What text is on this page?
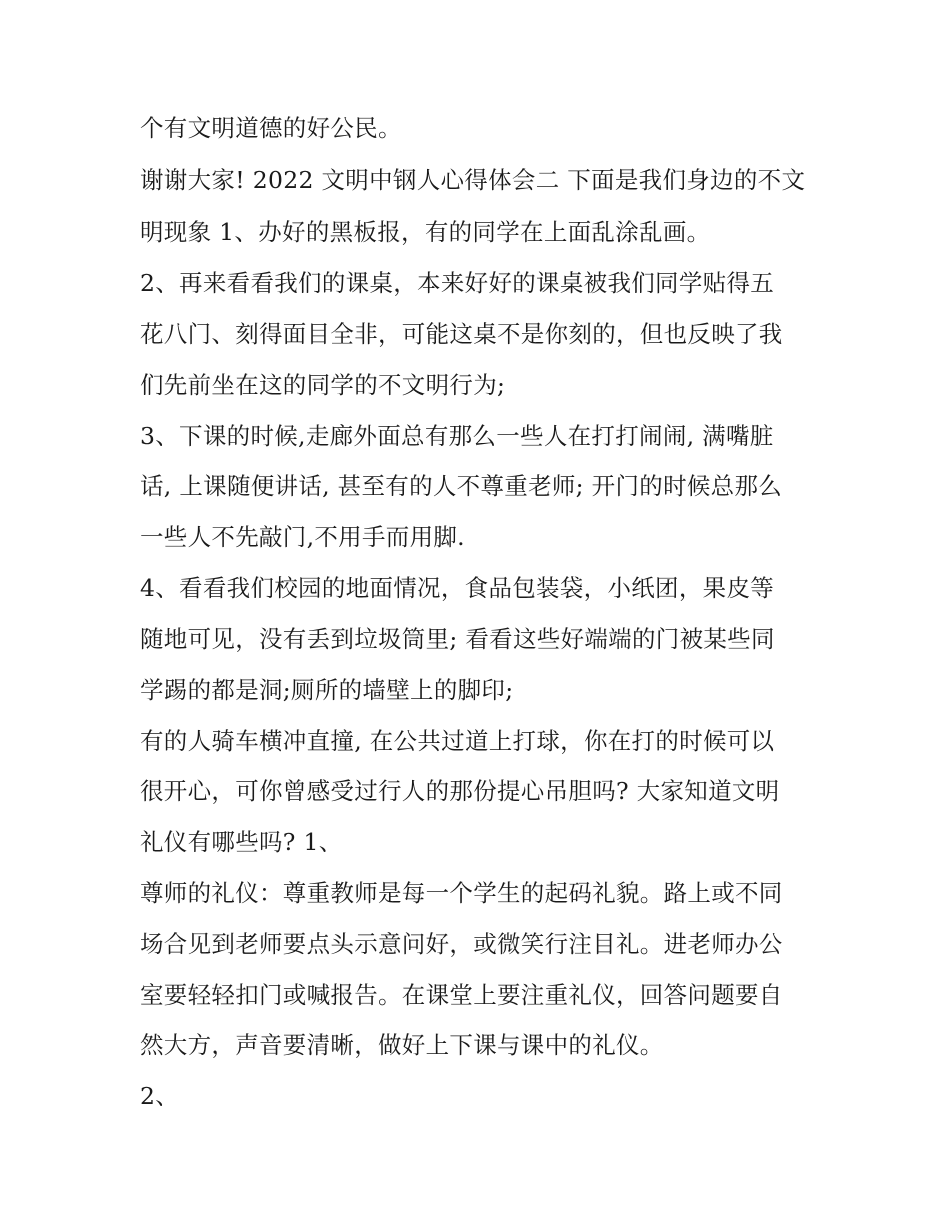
个有文明道德的好公民。
谢谢大家! 2022 文明中钢人心得体会二 下面是我们身边的不文
明现象 1、办好的黑板报，有的同学在上面乱涂乱画。
2、再来看看我们的课桌，本来好好的课桌被我们同学贴得五
花八门、刻得面目全非，可能这桌不是你刻的，但也反映了我
们先前坐在这的同学的不文明行为;
3、下课的时候,走廊外面总有那么一些人在打打闹闹, 满嘴脏
话, 上课随便讲话, 甚至有的人不尊重老师; 开门的时候总那么
一些人不先敲门,不用手而用脚.
4、看看我们校园的地面情况，食品包装袋，小纸团，果皮等
随地可见，没有丢到垃圾筒里; 看看这些好端端的门被某些同
学踢的都是洞;厕所的墙壁上的脚印;
有的人骑车横冲直撞, 在公共过道上打球，你在打的时候可以
很开心，可你曾感受过行人的那份提心吊胆吗? 大家知道文明
礼仪有哪些吗? 1、
尊师的礼仪：尊重教师是每一个学生的起码礼貌。路上或不同
场合见到老师要点头示意问好，或微笑行注目礼。进老师办公
室要轻轻扣门或喊报告。在课堂上要注重礼仪，回答问题要自
然大方，声音要清晰，做好上下课与课中的礼仪。
2、
